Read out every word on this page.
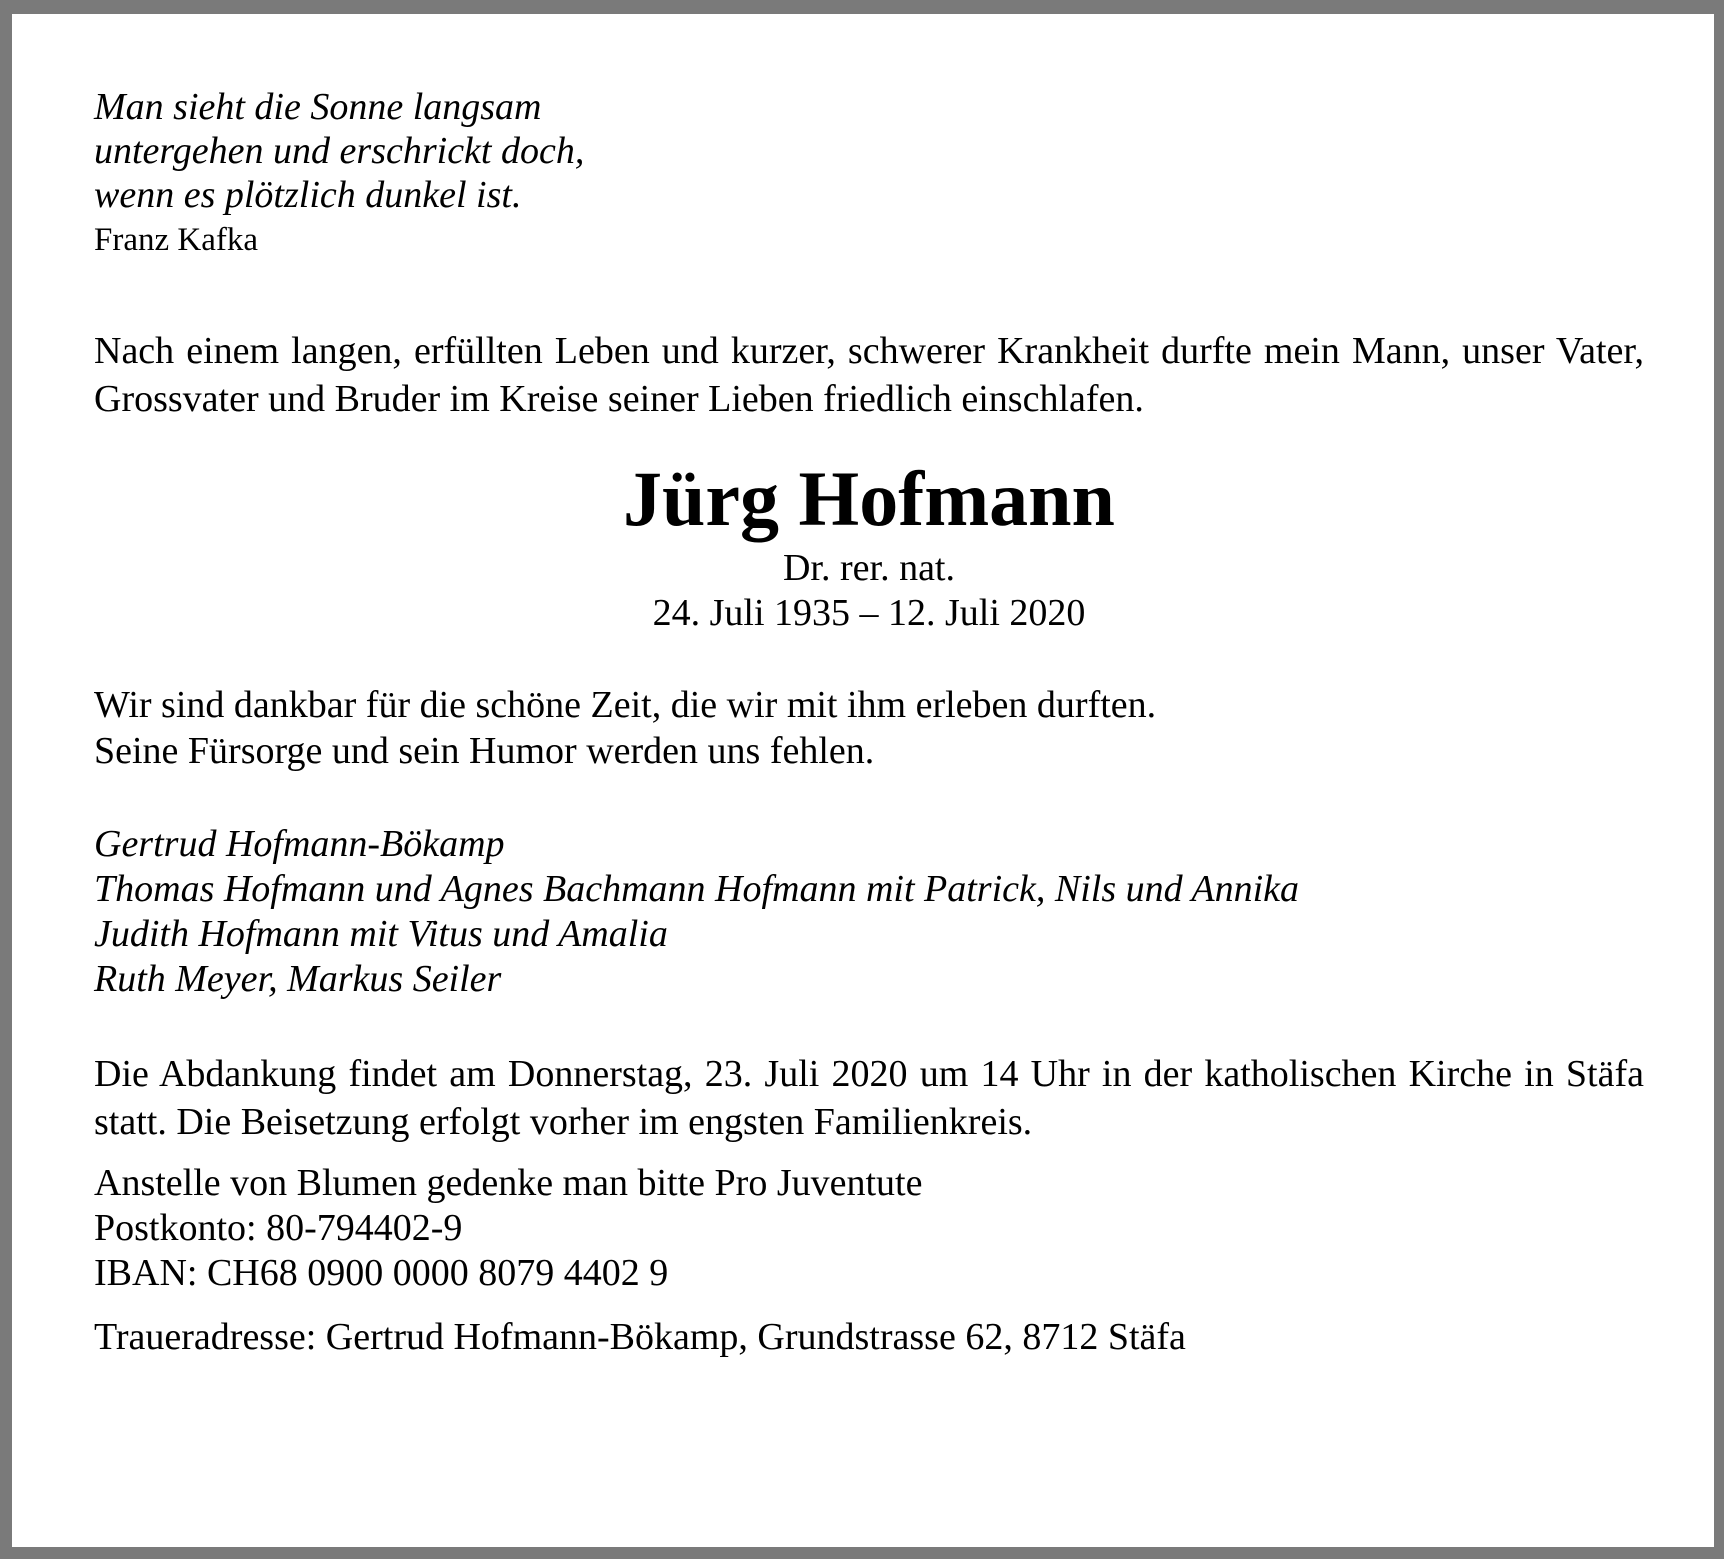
Man sieht die Sonne langsam
untergehen und erschrickt doch,
wenn es plötzlich dunkel ist.
Franz Kafka
Nach einem langen, erfüllten Leben und kurzer, schwerer Krankheit durfte mein Mann, unser Vater, Grossvater und Bruder im Kreise seiner Lieben friedlich einschlafen.
Jürg Hofmann
Dr. rer. nat.
24. Juli 1935 – 12. Juli 2020
Wir sind dankbar für die schöne Zeit, die wir mit ihm erleben durften.
Seine Fürsorge und sein Humor werden uns fehlen.
Gertrud Hofmann-Bökamp
Thomas Hofmann und Agnes Bachmann Hofmann mit Patrick, Nils und Annika
Judith Hofmann mit Vitus und Amalia
Ruth Meyer, Markus Seiler
Die Abdankung findet am Donnerstag, 23. Juli 2020 um 14 Uhr in der katholischen Kirche in Stäfa statt. Die Beisetzung erfolgt vorher im engsten Familienkreis.
Anstelle von Blumen gedenke man bitte Pro Juventute
Postkonto: 80-794402-9
IBAN: CH68 0900 0000 8079 4402 9
Traueradresse: Gertrud Hofmann-Bökamp, Grundstrasse 62, 8712 Stäfa
